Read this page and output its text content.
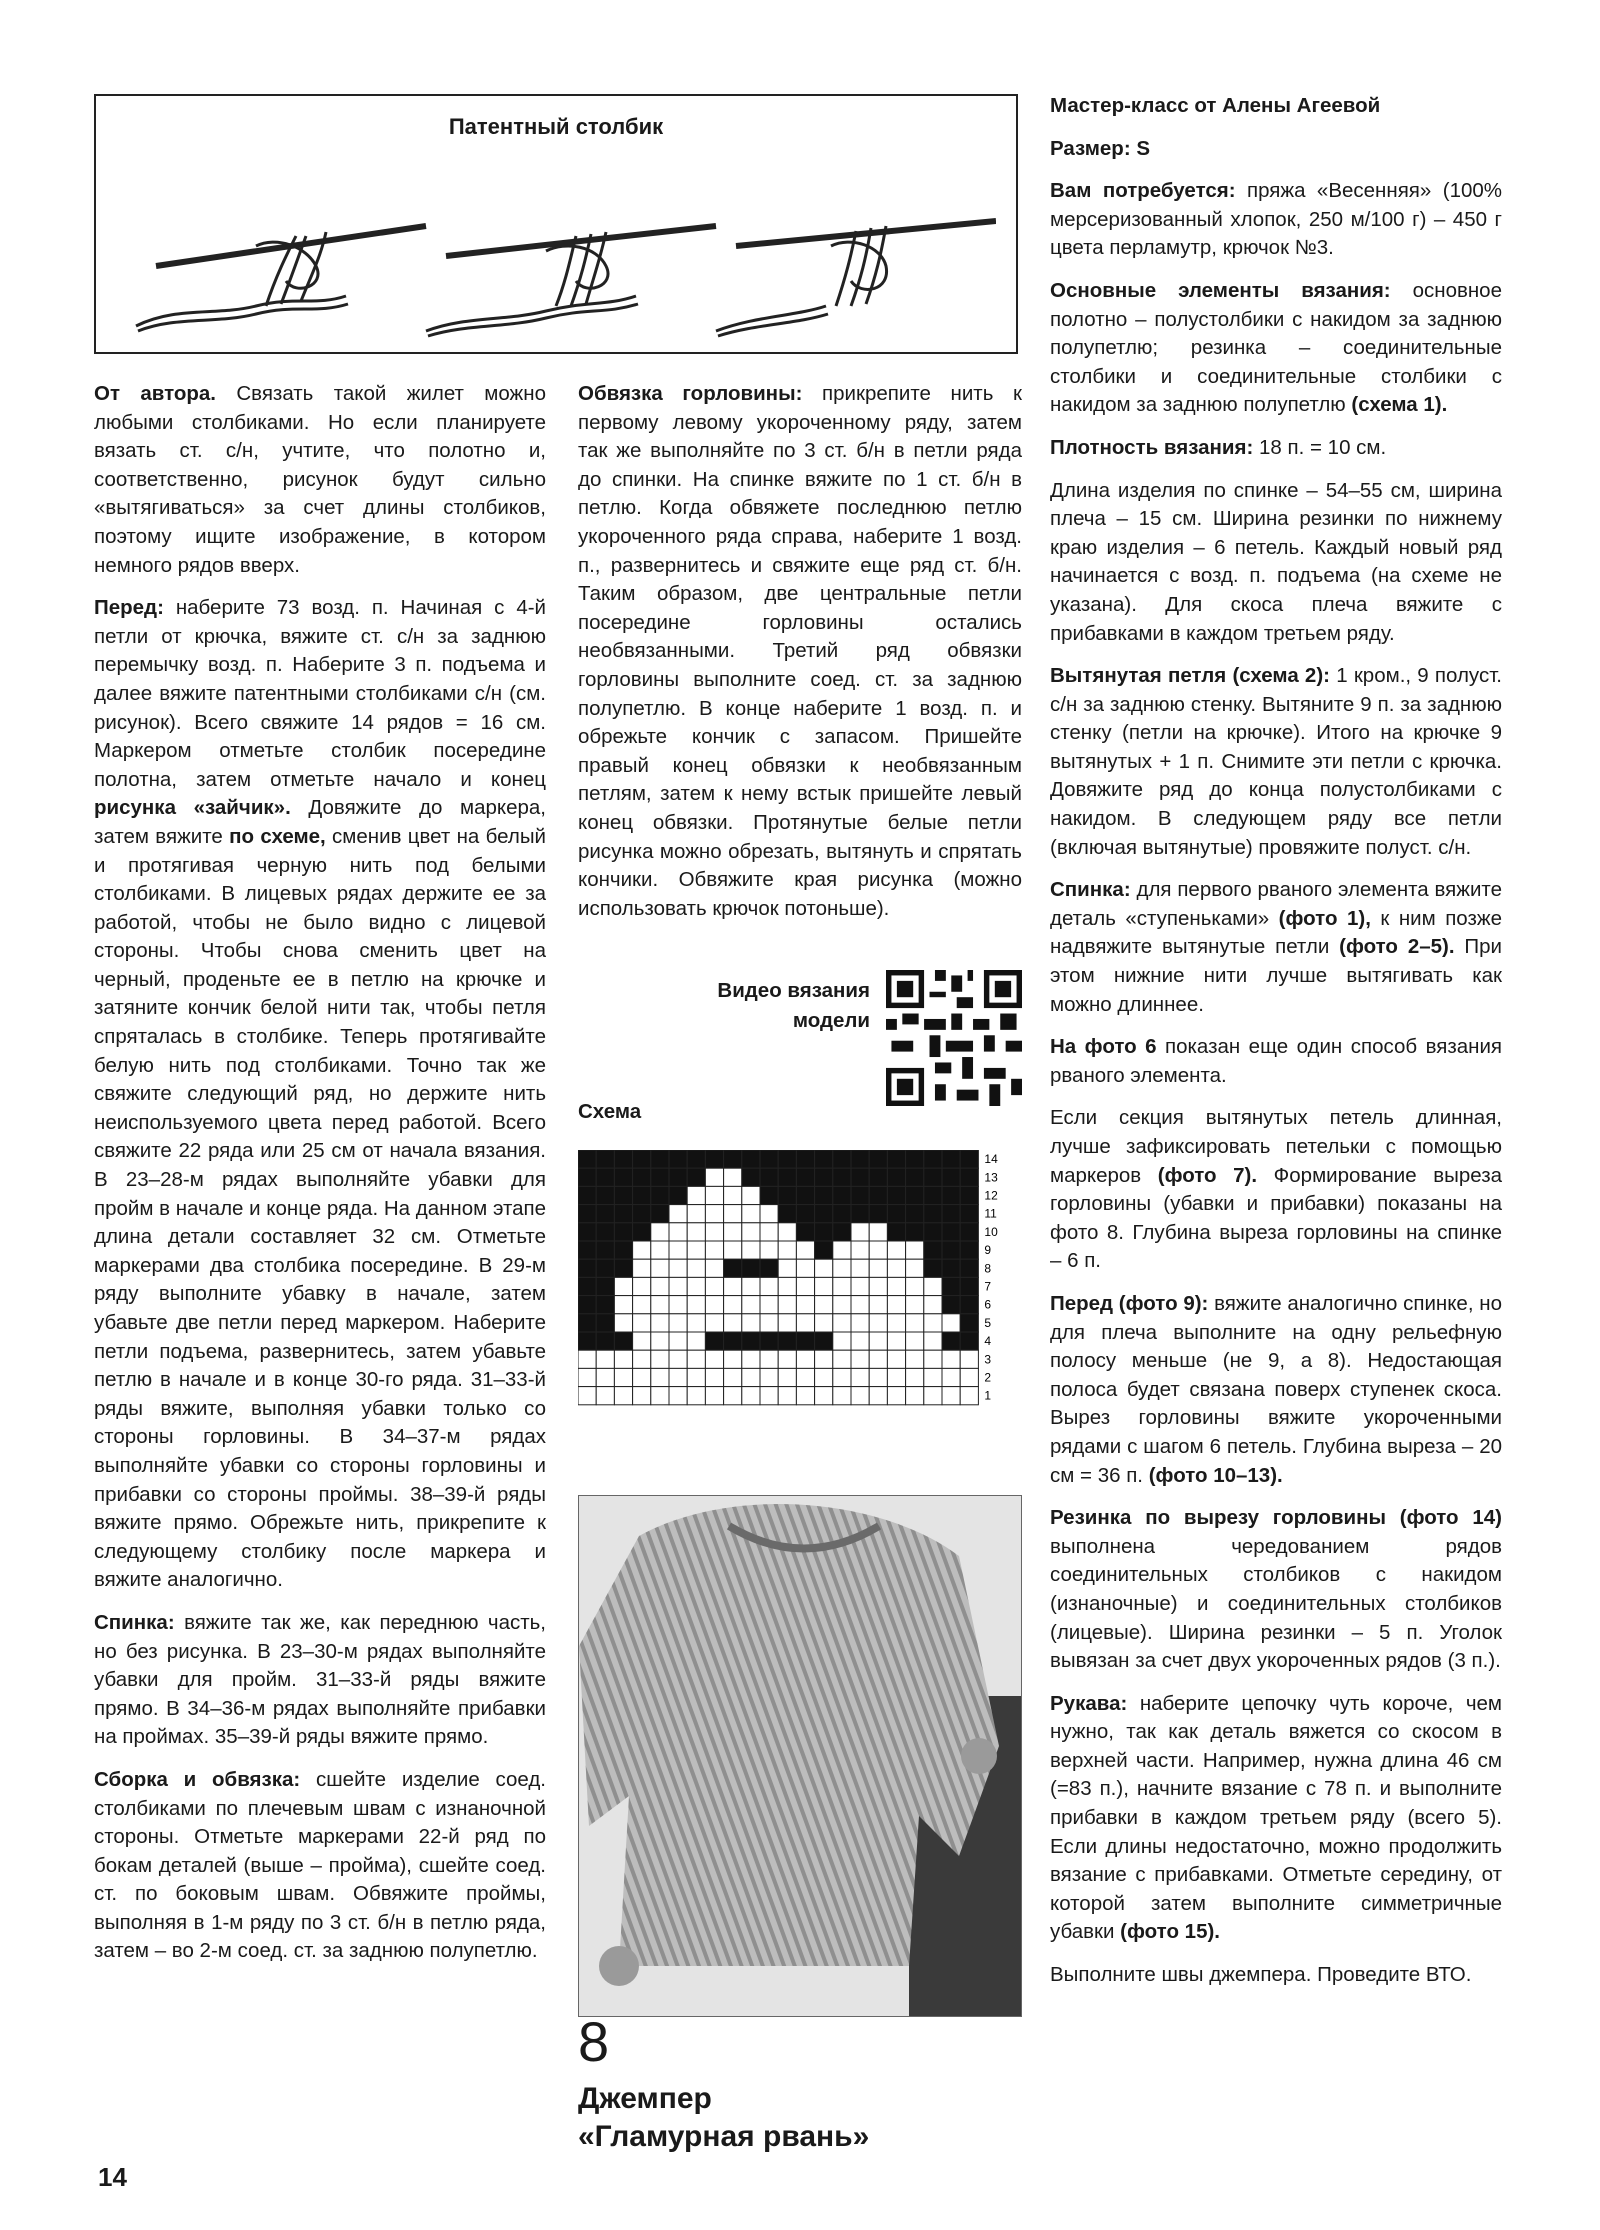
Патентный столбик

От автора. Связать такой жилет можно любыми столбиками. Но если планируете вязать ст. с/н, учтите, что полотно и, соответственно, рисунок будут сильно «вытягиваться» за счет длины столбиков, поэтому ищите изображение, в котором немного рядов вверх.

Перед: наберите 73 возд. п. Начиная с 4-й петли от крючка, вяжите ст. с/н за заднюю перемычку возд. п. Наберите 3 п. подъема и далее вяжите патентными столбиками с/н (см. рисунок). Всего свяжите 14 рядов = 16 см. Маркером отметьте столбик посередине полотна, затем отметьте начало и конец рисунка «зайчик». Довяжите до маркера, затем вяжите по схеме, сменив цвет на белый и протягивая черную нить под белыми столбиками. В лицевых рядах держите ее за работой, чтобы не было видно с лицевой стороны. Чтобы снова сменить цвет на черный, проденьте ее в петлю на крючке и затяните кончик белой нити так, чтобы петля спряталась в столбике. Теперь протягивайте белую нить под столбиками. Точно так же свяжите следующий ряд, но держите нить неиспользуемого цвета перед работой. Всего свяжите 22 ряда или 25 см от начала вязания. В 23–28-м рядах выполняйте убавки для пройм в начале и конце ряда. На данном этапе длина детали составляет 32 см. Отметьте маркерами два столбика посередине. В 29-м ряду выполните убавку в начале, затем убавьте две петли перед маркером. Наберите петли подъема, развернитесь, затем убавьте петлю в начале и в конце 30-го ряда. 31–33-й ряды вяжите, выполняя убавки только со стороны горловины. В 34–37-м рядах выполняйте убавки со стороны горловины и прибавки со стороны проймы. 38–39-й ряды вяжите прямо. Обрежьте нить, прикрепите к следующему столбику после маркера и вяжите аналогично.

Спинка: вяжите так же, как переднюю часть, но без рисунка. В 23–30-м рядах выполняйте убавки для пройм. 31–33-й ряды вяжите прямо. В 34–36-м рядах выполняйте прибавки на проймах. 35–39-й ряды вяжите прямо.

Сборка и обвязка: сшейте изделие соед. столбиками по плечевым швам с изнаночной стороны. Отметьте маркерами 22-й ряд по бокам деталей (выше – пройма), сшейте соед. ст. по боковым швам. Обвяжите проймы, выполняя в 1-м ряду по 3 ст. б/н в петлю ряда, затем – во 2-м соед. ст. за заднюю полупетлю.

Обвязка горловины: прикрепите нить к первому левому укороченному ряду, затем так же выполняйте по 3 ст. б/н в петли ряда до спинки. На спинке вяжите по 1 ст. б/н в петлю. Когда обвяжете последнюю петлю укороченного ряда справа, наберите 1 возд. п., развернитесь и свяжите еще ряд ст. б/н. Таким образом, две центральные петли посередине горловины остались необвязанными. Третий ряд обвязки горловины выполните соед. ст. за заднюю полупетлю. В конце наберите 1 возд. п. и обрежьте кончик с запасом. Пришейте правый конец обвязки к необвязанным петлям, затем к нему встык пришейте левый конец обвязки. Протянутые белые петли рисунка можно обрезать, вытянуть и спрятать кончики. Обвяжите края рисунка (можно использовать крючок потоньше).

Видео вязания
модели
Схема
14
13
12
11
10
9
8
7
6
5
4
3
2
1
8
Джемпер
«Гламурная рвань»

Мастер-класс от Алены Агеевой

Размер: S

Вам потребуется: пряжа «Весенняя» (100% мерсеризованный хлопок, 250 м/100 г) – 450 г цвета перламутр, крючок №3.

Основные элементы вязания: основное полотно – полустолбики с накидом за заднюю полупетлю; резинка – соединительные столбики и соединительные столбики с накидом за заднюю полупетлю (схема 1).

Плотность вязания: 18 п. = 10 см.

Длина изделия по спинке – 54–55 см, ширина плеча – 15 см. Ширина резинки по нижнему краю изделия – 6 петель. Каждый новый ряд начинается с возд. п. подъема (на схеме не указана). Для скоса плеча вяжите с прибавками в каждом третьем ряду.

Вытянутая петля (схема 2): 1 кром., 9 полуст. с/н за заднюю стенку. Вытяните 9 п. за заднюю стенку (петли на крючке). Итого на крючке 9 вытянутых + 1 п. Снимите эти петли с крючка. Довяжите ряд до конца полустолбиками с накидом. В следующем ряду все петли (включая вытянутые) провяжите полуст. с/н.

Спинка: для первого рваного элемента вяжите деталь «ступеньками» (фото 1), к ним позже надвяжите вытянутые петли (фото 2–5). При этом нижние нити лучше вытягивать как можно длиннее.

На фото 6 показан еще один способ вязания рваного элемента.

Если секция вытянутых петель длинная, лучше зафиксировать петельки с помощью маркеров (фото 7). Формирование выреза горловины (убавки и прибавки) показаны на фото 8. Глубина выреза горловины на спинке – 6 п.

Перед (фото 9): вяжите аналогично спинке, но для плеча выполните на одну рельефную полосу меньше (не 9, а 8). Недостающая полоса будет связана поверх ступенек скоса. Вырез горловины вяжите укороченными рядами с шагом 6 петель. Глубина выреза – 20 см = 36 п. (фото 10–13).

Резинка по вырезу горловины (фото 14) выполнена чередованием рядов соединительных столбиков с накидом (изнаночные) и соединительных столбиков (лицевые). Ширина резинки – 5 п. Уголок вывязан за счет двух укороченных рядов (3 п.).

Рукава: наберите цепочку чуть короче, чем нужно, так как деталь вяжется со скосом в верхней части. Например, нужна длина 46 см (=83 п.), начните вязание с 78 п. и выполните прибавки в каждом третьем ряду (всего 5). Если длины недостаточно, можно продолжить вязание с прибавками. Отметьте середину, от которой затем выполните симметричные убавки (фото 15).

Выполните швы джемпера. Проведите ВТО.

14
